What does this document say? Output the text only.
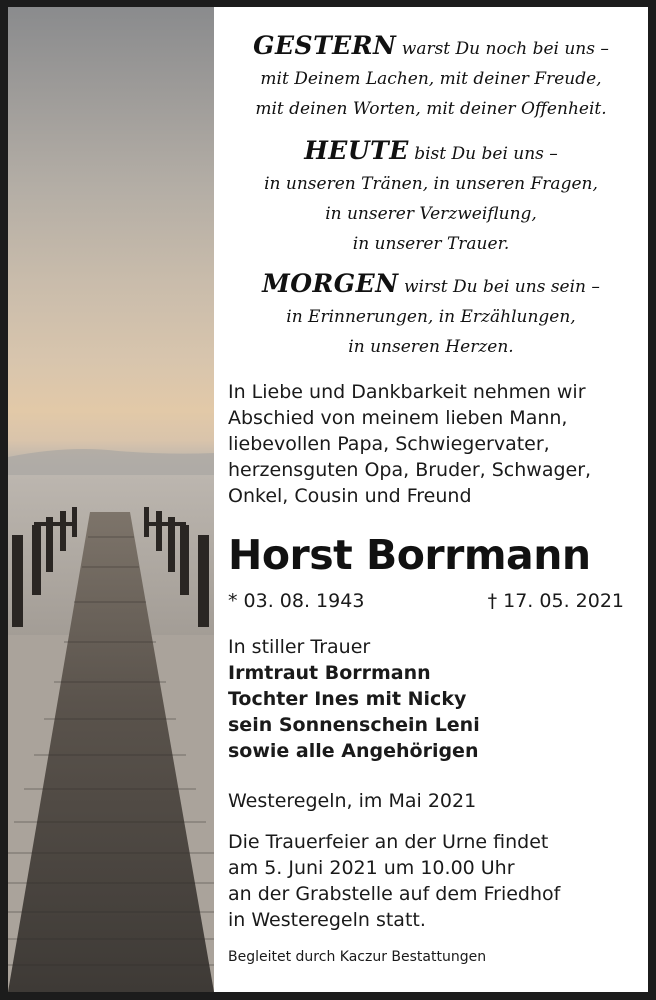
GESTERN warst Du noch bei uns –
mit Deinem Lachen, mit deiner Freude,
mit deinen Worten, mit deiner Offenheit.
HEUTE bist Du bei uns –
in unseren Tränen, in unseren Fragen,
in unserer Verzweiflung,
in unserer Trauer.
MORGEN wirst Du bei uns sein –
in Erinnerungen, in Erzählungen,
in unseren Herzen.
In Liebe und Dankbarkeit nehmen wir
Abschied von meinem lieben Mann,
liebevollen Papa, Schwiegervater,
herzensguten Opa, Bruder, Schwager,
Onkel, Cousin und Freund
Horst Borrmann
* 03. 08. 1943	† 17. 05. 2021
In stiller Trauer
Irmtraut Borrmann
Tochter Ines mit Nicky
sein Sonnenschein Leni
sowie alle Angehörigen
Westeregeln, im Mai 2021
Die Trauerfeier an der Urne findet
am 5. Juni 2021 um 10.00 Uhr
an der Grabstelle auf dem Friedhof
in Westeregeln statt.
Begleitet durch Kaczur Bestattungen
